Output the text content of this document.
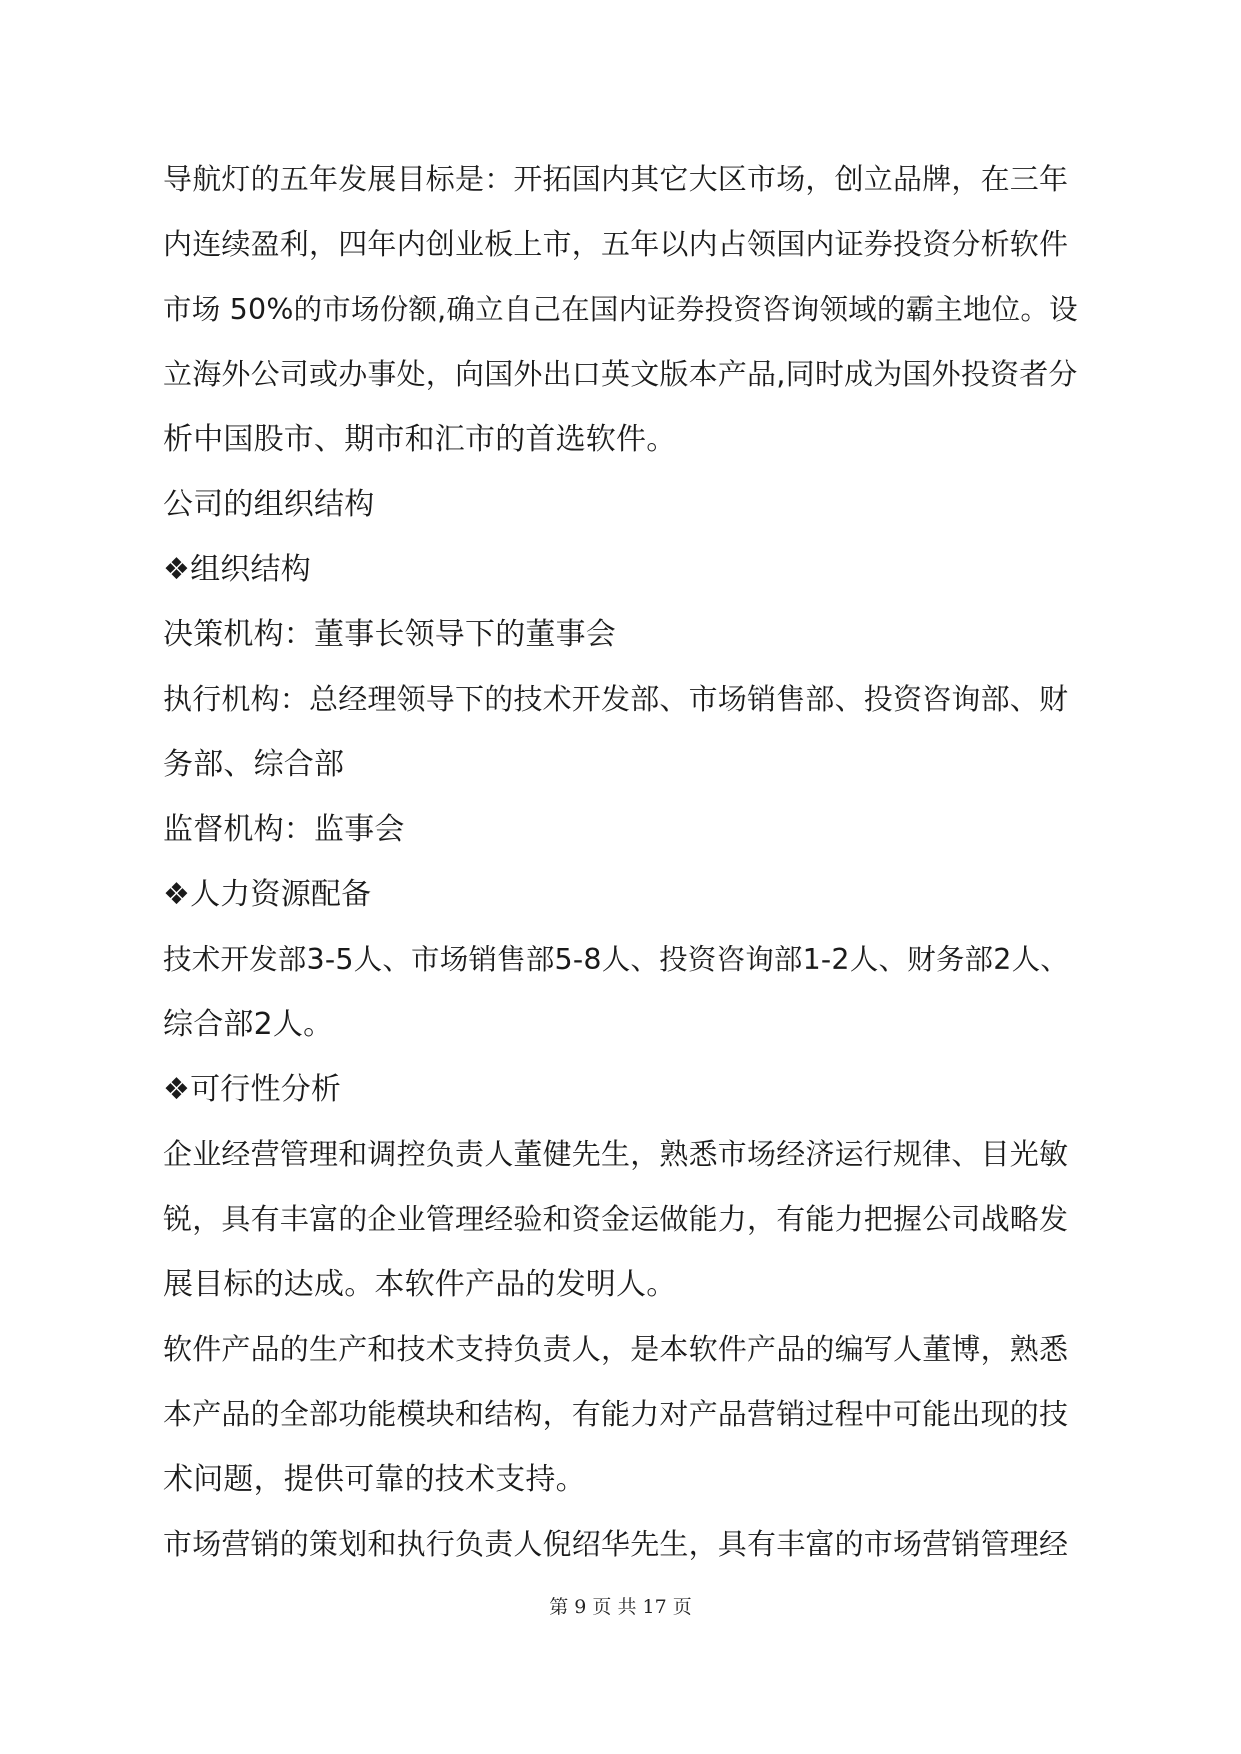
导航灯的五年发展目标是：开拓国内其它大区市场，创立品牌，在三年
内连续盈利，四年内创业板上市，五年以内占领国内证券投资分析软件
市场 50%的市场份额,确立自己在国内证券投资咨询领域的霸主地位。设
立海外公司或办事处，向国外出口英文版本产品,同时成为国外投资者分
析中国股市、期市和汇市的首选软件。
公司的组织结构
❖组织结构
决策机构：董事长领导下的董事会
执行机构：总经理领导下的技术开发部、市场销售部、投资咨询部、财
务部、综合部
监督机构：监事会
❖人力资源配备
技术开发部3-5人、市场销售部5-8人、投资咨询部1-2人、财务部2人、
综合部2人。
❖可行性分析
企业经营管理和调控负责人董健先生，熟悉市场经济运行规律、目光敏
锐，具有丰富的企业管理经验和资金运做能力，有能力把握公司战略发
展目标的达成。本软件产品的发明人。
软件产品的生产和技术支持负责人，是本软件产品的编写人董博，熟悉
本产品的全部功能模块和结构，有能力对产品营销过程中可能出现的技
术问题，提供可靠的技术支持。
市场营销的策划和执行负责人倪绍华先生，具有丰富的市场营销管理经
第 9 页 共 17 页
